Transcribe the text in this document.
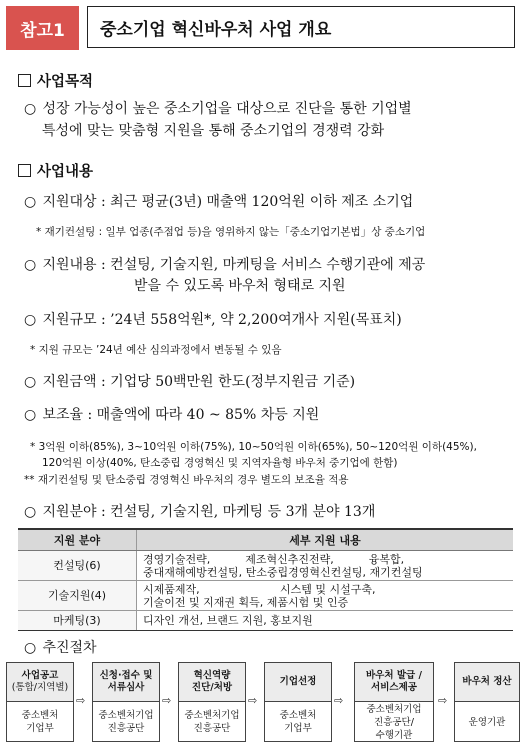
참고1	중소기업 혁신바우처 사업 개요
사업목적
○ 성장 가능성이 높은 중소기업을 대상으로 진단을 통한 기업별
특성에 맞는 맞춤형 지원을 통해 중소기업의 경쟁력 강화
사업내용
○ 지원대상 : 최근 평균(3년) 매출액 120억원 이하 제조 소기업
* 재기컨설팅 : 일부 업종(주점업 등)을 영위하지 않는「중소기업기본법」상 중소기업
○ 지원내용 : 컨설팅, 기술지원, 마케팅을 서비스 수행기관에 제공
받을 수 있도록 바우처 형태로 지원
○ 지원규모 : ’24년 558억원*, 약 2,200여개사 지원(목표치)
* 지원 규모는 ’24년 예산 심의과정에서 변동될 수 있음
○ 지원금액 : 기업당 50백만원 한도(정부지원금 기준)
○ 보조율 : 매출액에 따라 40 ~ 85% 차등 지원
* 3억원 이하(85%), 3~10억원 이하(75%), 10~50억원 이하(65%), 50~120억원 이하(45%),
120억원 이상(40%, 탄소중립 경영혁신 및 지역자율형 바우처 중기업에 한함)
** 재기컨설팅 및 탄소중립 경영혁신 바우처의 경우 별도의 보조율 적용
○ 지원분야 : 컨설팅, 기술지원, 마케팅 등 3개 분야 13개
지원 분야	세부 지원 내용
컨설팅(6)	경영기술전략,          제조혁신추진전략,          융복합,
중대재해예방컨설팅, 탄소중립경영혁신컨설팅, 재기컨설팅

기술지원(4)	시제품제작,                       시스템 및 시설구축,
기술이전 및 지재권 획득, 제품시험 및 인증

마케팅(3)	디자인 개선, 브랜드 지원, 홍보지원
○ 추진절차
사업공고
(통합/지역별)
중소벤처
기업부
⇨
신청·접수 및
서류심사
중소벤처기업
진흥공단
⇨
혁신역량
진단/처방
중소벤처기업
진흥공단
⇨
기업선정
중소벤처
기업부
⇨
바우처 발급 /
서비스제공
중소벤처기업
진흥공단/
수행기관
⇨
바우처 정산
운영기관
